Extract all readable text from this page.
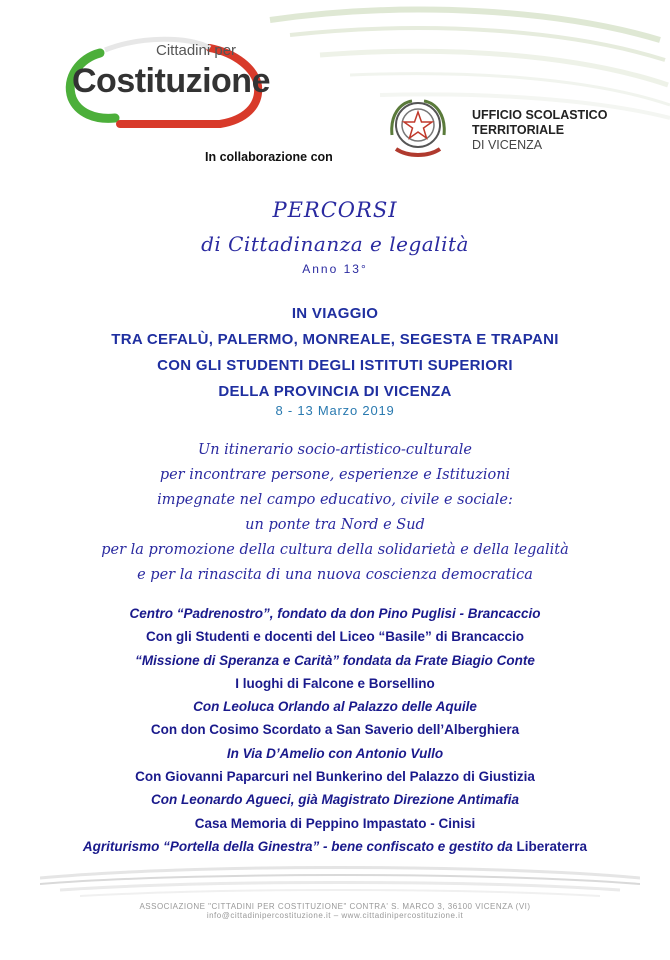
Cittadini per
Costituzione
In collaborazione con
UFFICIO SCOLASTICO
TERRITORIALE
DI VICENZA
PERCORSI
di Cittadinanza e legalità
Anno 13°
IN VIAGGIO
TRA CEFALÙ, PALERMO, MONREALE, SEGESTA E TRAPANI
CON GLI STUDENTI DEGLI ISTITUTI SUPERIORI
DELLA PROVINCIA DI VICENZA
8 - 13 Marzo 2019
Un itinerario socio-artistico-culturale
per incontrare persone, esperienze e Istituzioni
impegnate nel campo educativo, civile e sociale:
un ponte tra Nord e Sud
per la promozione della cultura della solidarietà e della legalità
e per la rinascita di una nuova coscienza democratica
Centro “Padrenostro”, fondato da don Pino Puglisi - Brancaccio
Con gli Studenti e docenti del Liceo “Basile” di Brancaccio
“Missione di Speranza e Carità” fondata da Frate Biagio Conte
I luoghi di Falcone e Borsellino
Con Leoluca Orlando al Palazzo delle Aquile
Con don Cosimo Scordato a San Saverio dell’Alberghiera
In Via D’Amelio con Antonio Vullo
Con Giovanni Paparcuri nel Bunkerino del Palazzo di Giustizia
Con Leonardo Agueci, già Magistrato Direzione Antimafia
Casa Memoria di Peppino Impastato - Cinisi
Agriturismo “Portella della Ginestra” - bene confiscato e gestito da Liberaterra
ASSOCIAZIONE "CITTADINI PER COSTITUZIONE" CONTRA' S. MARCO 3, 36100 VICENZA (VI)
info@cittadinipercostituzione.it – www.cittadinipercostituzione.it
